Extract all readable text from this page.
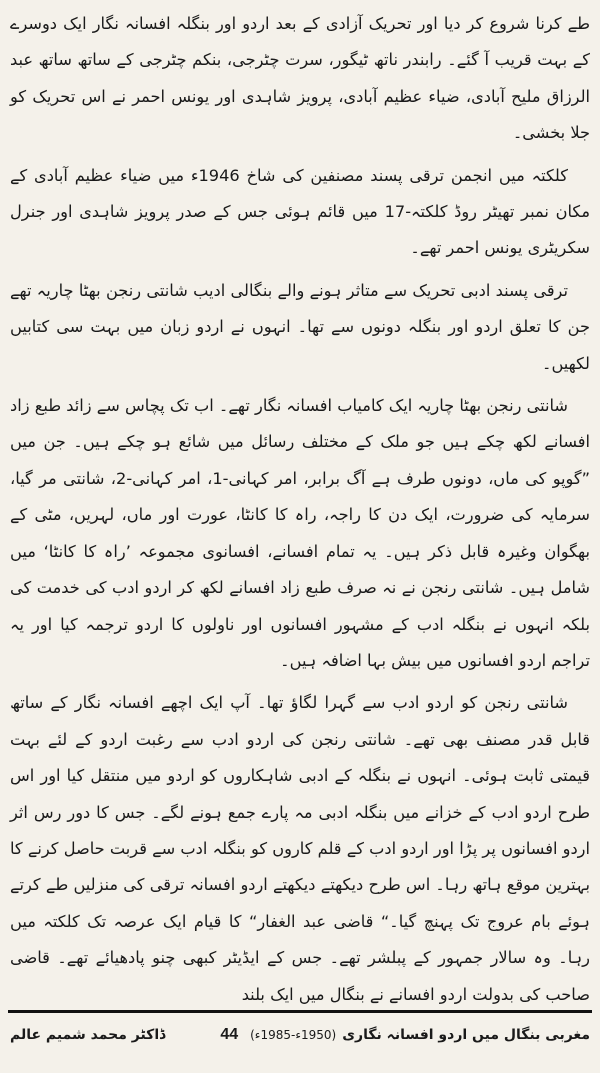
طے کرنا شروع کر دیا اور تحریک آزادی کے بعد اردو اور بنگلہ افسانہ نگار ایک دوسرے کے بہت قریب آ گئے۔ رابندر ناتھ ٹیگور، سرت چٹرجی، بنکم چٹرجی کے ساتھ ساتھ عبد الرزاق ملیح آبادی، ضیاء عظیم آبادی، پرویز شاہدی اور یونس احمر نے اس تحریک کو جلا بخشی۔

کلکتہ میں انجمن ترقی پسند مصنفین کی شاخ 1946ء میں ضیاء عظیم آبادی کے مکان نمبر تھیٹر روڈ کلکتہ-17 میں قائم ہوئی جس کے صدر پرویز شاہدی اور جنرل سکریٹری یونس احمر تھے۔

ترقی پسند ادبی تحریک سے متاثر ہونے والے بنگالی ادیب شانتی رنجن بھٹا چاریہ تھے جن کا تعلق اردو اور بنگلہ دونوں سے تھا۔ انہوں نے اردو زبان میں بہت سی کتابیں لکھیں۔

شانتی رنجن بھٹا چاریہ ایک کامیاب افسانہ نگار تھے۔ اب تک پچاس سے زائد طبع زاد افسانے لکھ چکے ہیں جو ملک کے مختلف رسائل میں شائع ہو چکے ہیں۔ جن میں ”گوپو کی ماں، دونوں طرف ہے آگ برابر، امر کہانی-1، امر کہانی-2، شانتی مر گیا، سرمایہ کی ضرورت، ایک دن کا راجہ، راہ کا کانٹا، عورت اور ماں، لہریں، مٹی کے بھگوان وغیرہ قابل ذکر ہیں۔ یہ تمام افسانے، افسانوی مجموعہ ’راہ کا کانٹا‘ میں شامل ہیں۔ شانتی رنجن نے نہ صرف طبع زاد افسانے لکھ کر اردو ادب کی خدمت کی بلکہ انہوں نے بنگلہ ادب کے مشہور افسانوں اور ناولوں کا اردو ترجمہ کیا اور یہ تراجم اردو افسانوں میں بیش بہا اضافہ ہیں۔

شانتی رنجن کو اردو ادب سے گہرا لگاؤ تھا۔ آپ ایک اچھے افسانہ نگار کے ساتھ قابل قدر مصنف بھی تھے۔ شانتی رنجن کی اردو ادب سے رغبت اردو کے لئے بہت قیمتی ثابت ہوئی۔ انہوں نے بنگلہ کے ادبی شاہکاروں کو اردو میں منتقل کیا اور اس طرح اردو ادب کے خزانے میں بنگلہ ادبی مہ پارے جمع ہونے لگے۔ جس کا دور رس اثر اردو افسانوں پر پڑا اور اردو ادب کے قلم کاروں کو بنگلہ ادب سے قربت حاصل کرنے کا بہترین موقع ہاتھ رہا۔ اس طرح دیکھتے دیکھتے اردو افسانہ ترقی کی منزلیں طے کرتے ہوئے بام عروج تک پہنچ گیا۔“ قاضی عبد الغفار“ کا قیام ایک عرصہ تک کلکتہ میں رہا۔ وہ سالار جمہور کے پبلشر تھے۔ جس کے ایڈیٹر کبھی چنو پادھیائے تھے۔ قاضی صاحب کی بدولت اردو افسانے نے بنگال میں ایک بلند

مغربی بنگال میں اردو افسانہ نگاری
(1950ء-1985ء)
44
ڈاکٹر محمد شمیم عالم
